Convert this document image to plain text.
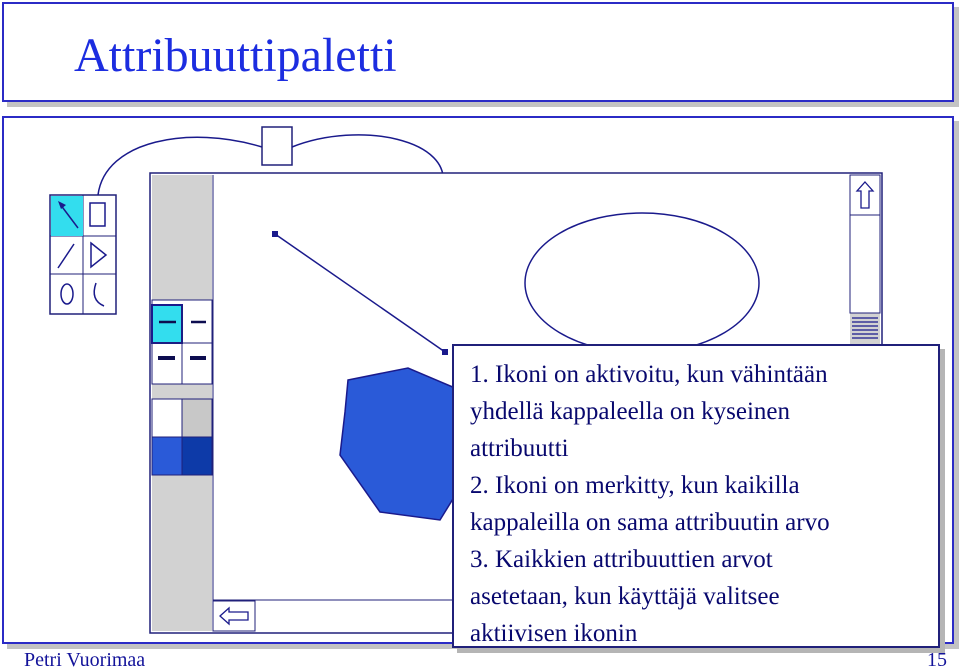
Attribuuttipaletti
1. Ikoni on aktivoitu, kun vähintään
yhdellä kappaleella on kyseinen
attribuutti
2. Ikoni on merkitty, kun kaikilla
kappaleilla on sama attribuutin arvo
3. Kaikkien attribuuttien arvot
asetetaan, kun käyttäjä valitsee
aktiivisen ikonin
Petri Vuorimaa	15
